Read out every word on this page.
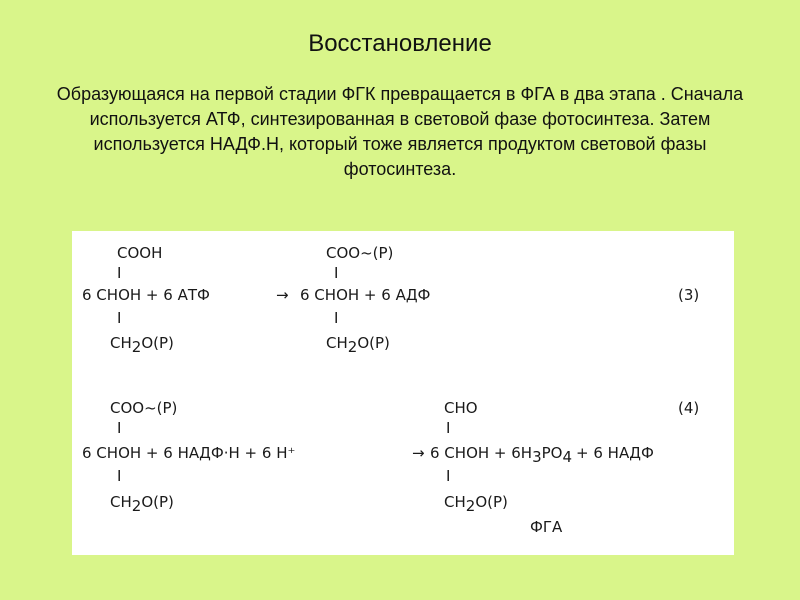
Восстановление
Образующаяся на первой стадии ФГК превращается в ФГА в два этапа . Сначала используется АТФ, синтезированная в световой фазе фотосинтеза. Затем используется НАДФ.Н, который тоже является продуктом световой фазы фотосинтеза.
COOH
I
6 CHOH + 6 АТФ	→
I
CH2O(P)
COO~(P)
I
6 CHOH + 6 АДФ
I
CH2O(P)
(3)
COO~(P)
I
6 CHOH + 6 НАДФ·Н + 6 H⁺	→
I
CH2O(P)
CHO
I
6 CHOH + 6H3PO4 + 6 НАДФ
I
CH2O(P)
ФГА
(4)
